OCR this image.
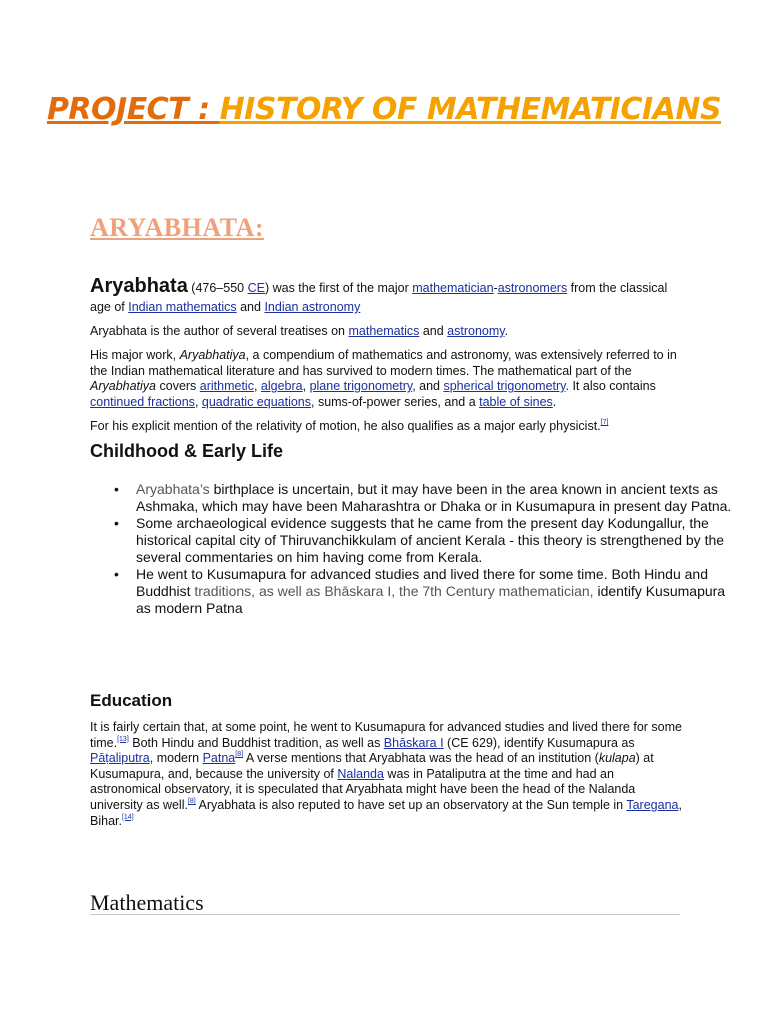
PROJECT : HISTORY OF MATHEMATICIANS
ARYABHATA:

Aryabhata (476–550 CE) was the first of the major mathematician-astronomers from the classical age of Indian mathematics and Indian astronomy

Aryabhata is the author of several treatises on mathematics and astronomy.

His major work, Aryabhatiya, a compendium of mathematics and astronomy, was extensively referred to in the Indian mathematical literature and has survived to modern times. The mathematical part of the Aryabhatiya covers arithmetic, algebra, plane trigonometry, and spherical trigonometry. It also contains continued fractions, quadratic equations, sums-of-power series, and a table of sines.

For his explicit mention of the relativity of motion, he also qualifies as a major early physicist.[7]

Childhood & Early Life
• Aryabhata’s birthplace is uncertain, but it may have been in the area known in ancient texts as Ashmaka, which may have been Maharashtra or Dhaka or in Kusumapura in present day Patna.
• Some archaeological evidence suggests that he came from the present day Kodungallur, the historical capital city of Thiruvanchikkulam of ancient Kerala - this theory is strengthened by the several commentaries on him having come from Kerala.
• He went to Kusumapura for advanced studies and lived there for some time. Both Hindu and Buddhist traditions, as well as Bhāskara I, the 7th Century mathematician, identify Kusumapura as modern Patna
Education

It is fairly certain that, at some point, he went to Kusumapura for advanced studies and lived there for some time.[13] Both Hindu and Buddhist tradition, as well as Bhāskara I (CE 629), identify Kusumapura as Pāṭaliputra, modern Patna[8] A verse mentions that Aryabhata was the head of an institution (kulapa) at Kusumapura, and, because the university of Nalanda was in Pataliputra at the time and had an astronomical observatory, it is speculated that Aryabhata might have been the head of the Nalanda university as well.[8] Aryabhata is also reputed to have set up an observatory at the Sun temple in Taregana, Bihar.[14]

Mathematics
